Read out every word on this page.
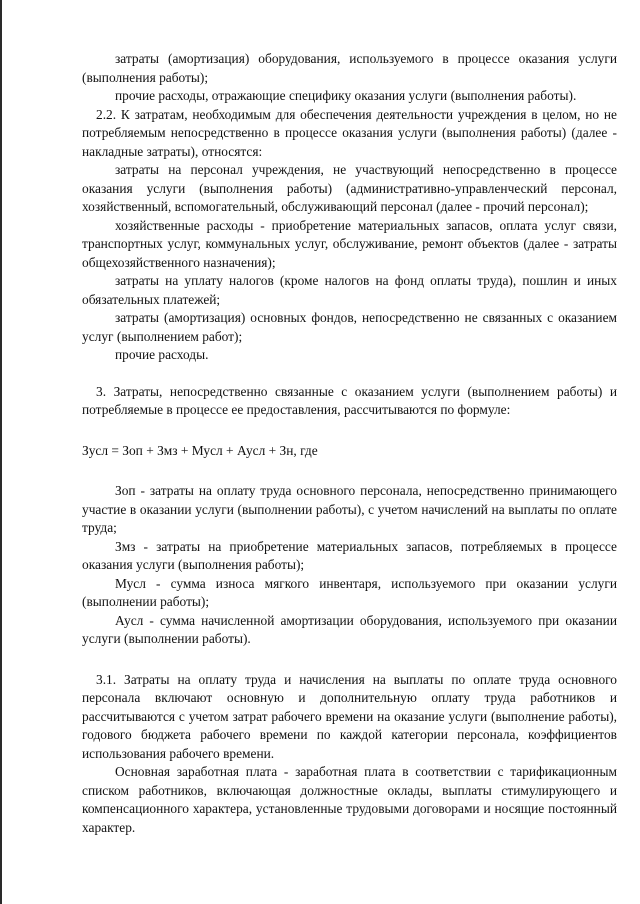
затраты (амортизация) оборудования, используемого в процессе оказания услуги (выполнения работы);

прочие расходы, отражающие специфику оказания услуги (выполнения работы).

2.2. К затратам, необходимым для обеспечения деятельности учреждения в целом, но не потребляемым непосредственно в процессе оказания услуги (выполнения работы) (далее - накладные затраты), относятся:

затраты на персонал учреждения, не участвующий непосредственно в процессе оказания услуги (выполнения работы) (административно-управленческий персонал, хозяйственный, вспомогательный, обслуживающий персонал (далее - прочий персонал);

хозяйственные расходы - приобретение материальных запасов, оплата услуг связи, транспортных услуг, коммунальных услуг, обслуживание, ремонт объектов (далее - затраты общехозяйственного назначения);

затраты на уплату налогов (кроме налогов на фонд оплаты труда), пошлин и иных обязательных платежей;

затраты (амортизация) основных фондов, непосредственно не связанных с оказанием услуг (выполнением работ);

прочие расходы.

3. Затраты, непосредственно связанные с оказанием услуги (выполнением работы) и потребляемые в процессе ее предоставления, рассчитываются по формуле:

Зусл = Зоп + Змз + Мусл + Аусл + Зн, где

Зоп - затраты на оплату труда основного персонала, непосредственно принимающего участие в оказании услуги (выполнении работы), с учетом начислений на выплаты по оплате труда;

Змз - затраты на приобретение материальных запасов, потребляемых в процессе оказания услуги (выполнения работы);

Мусл - сумма износа мягкого инвентаря, используемого при оказании услуги (выполнении работы);

Аусл - сумма начисленной амортизации оборудования, используемого при оказании услуги (выполнении работы).

3.1. Затраты на оплату труда и начисления на выплаты по оплате труда основного персонала включают основную и дополнительную оплату труда работников и рассчитываются с учетом затрат рабочего времени на оказание услуги (выполнение работы), годового бюджета рабочего времени по каждой категории персонала, коэффициентов использования рабочего времени.

Основная заработная плата - заработная плата в соответствии с тарификационным списком работников, включающая должностные оклады, выплаты стимулирующего и компенсационного характера, установленные трудовыми договорами и носящие постоянный характер.
